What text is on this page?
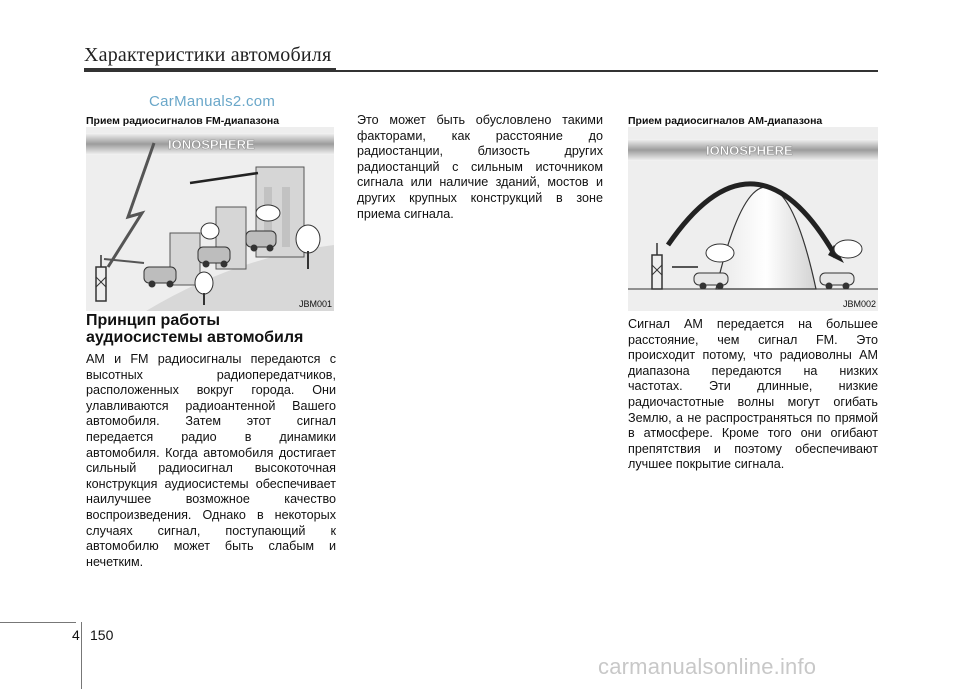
Характеристики автомобиля
CarManuals2.com
Прием радиосигналов FM-диапазона
IONOSPHERE
JBM001
Принцип работы аудиосистемы автомобиля
AM и FM радиосигналы передаются с высотных радиопередатчиков, расположенных вокруг города. Они улавливаются радиоантенной Вашего автомобиля. Затем этот сигнал передается радио в динамики автомобиля. Когда автомобиля достигает сильный радиосигнал высокоточная конструкция аудиосистемы обеспечивает наилучшее возможное качество воспроизведения. Однако в некоторых случаях сигнал, поступающий к автомобилю может быть слабым и нечетким.
Это может быть обусловлено такими факторами, как расстояние до радиостанции, близость других радиостанций с сильным источником сигнала или наличие зданий, мостов и других крупных конструкций в зоне приема сигнала.
Прием радиосигналов AM-диапазона
IONOSPHERE
JBM002
Сигнал AM передается на большее расстояние, чем сигнал FM. Это происходит потому, что радиоволны AM диапазона передаются на низких частотах. Эти длинные, низкие радиочастотные волны могут огибать Землю, а не распространяться по прямой в атмосфере. Кроме того они огибают препятствия и поэтому обеспечивают лучшее покрытие сигнала.
4 150
carmanualsonline.info
